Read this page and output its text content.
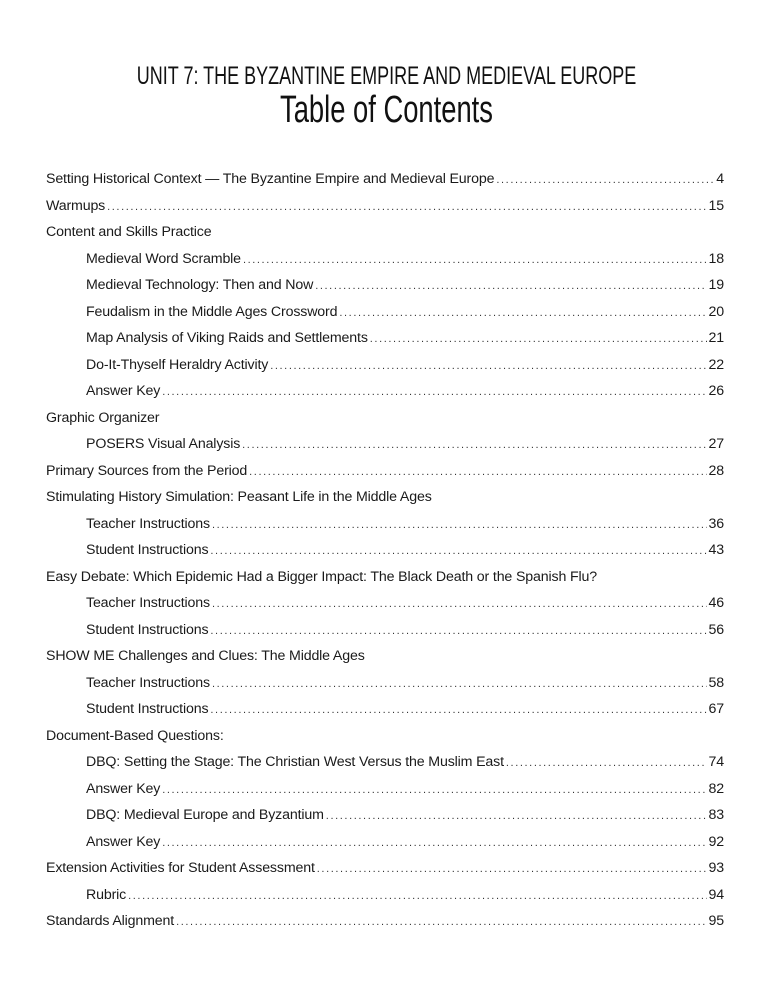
UNIT 7: THE BYZANTINE EMPIRE AND MEDIEVAL EUROPE
Table of Contents
Setting Historical Context — The Byzantine Empire and Medieval Europe .....	4
Warmups .....	15
Content and Skills Practice
Medieval Word Scramble .....	18
Medieval Technology: Then and Now .....	19
Feudalism in the Middle Ages Crossword .....	20
Map Analysis of Viking Raids and Settlements .....	21
Do-It-Thyself Heraldry Activity .....	22
Answer Key .....	26
Graphic Organizer
POSERS Visual Analysis .....	27
Primary Sources from the Period .....	28
Stimulating History Simulation: Peasant Life in the Middle Ages
Teacher Instructions .....	36
Student Instructions .....	43
Easy Debate: Which Epidemic Had a Bigger Impact: The Black Death or the Spanish Flu?
Teacher Instructions .....	46
Student Instructions .....	56
SHOW ME Challenges and Clues: The Middle Ages
Teacher Instructions .....	58
Student Instructions .....	67
Document-Based Questions:
DBQ: Setting the Stage: The Christian West Versus the Muslim East .....	74
Answer Key .....	82
DBQ: Medieval Europe and Byzantium .....	83
Answer Key .....	92
Extension Activities for Student Assessment .....	93
Rubric .....	94
Standards Alignment .....	95
